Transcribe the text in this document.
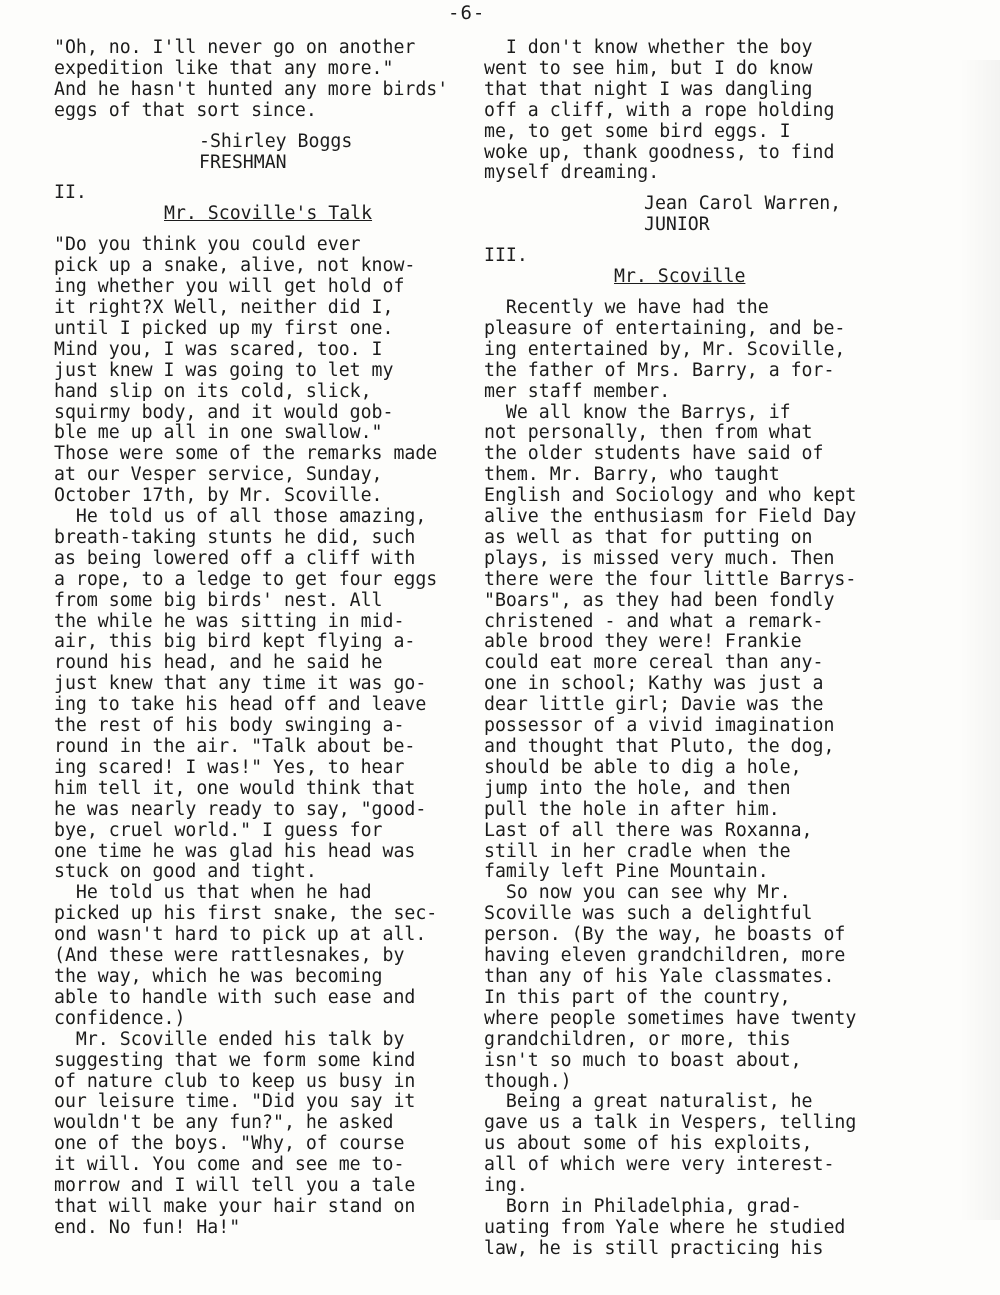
-6-
"Oh, no. I'll never go on another
expedition like that any more."
And he hasn't hunted any more birds'
eggs of that sort since.
-Shirley Boggs
FRESHMAN
II.
Mr. Scoville's Talk
"Do you think you could ever
pick up a snake, alive, not know-
ing whether you will get hold of
it right?X Well, neither did I,
until I picked up my first one.
Mind you, I was scared, too. I
just knew I was going to let my
hand slip on its cold, slick,
squirmy body, and it would gob-
ble me up all in one swallow."
Those were some of the remarks made
at our Vesper service, Sunday,
October 17th, by Mr. Scoville.
He told us of all those amazing,
breath-taking stunts he did, such
as being lowered off a cliff with
a rope, to a ledge to get four eggs
from some big birds' nest. All
the while he was sitting in mid-
air, this big bird kept flying a-
round his head, and he said he
just knew that any time it was go-
ing to take his head off and leave
the rest of his body swinging a-
round in the air. "Talk about be-
ing scared! I was!" Yes, to hear
him tell it, one would think that
he was nearly ready to say, "good-
bye, cruel world." I guess for
one time he was glad his head was
stuck on good and tight.
He told us that when he had
picked up his first snake, the sec-
ond wasn't hard to pick up at all.
(And these were rattlesnakes, by
the way, which he was becoming
able to handle with such ease and
confidence.)
Mr. Scoville ended his talk by
suggesting that we form some kind
of nature club to keep us busy in
our leisure time. "Did you say it
wouldn't be any fun?", he asked
one of the boys. "Why, of course
it will. You come and see me to-
morrow and I will tell you a tale
that will make your hair stand on
end. No fun! Ha!"
I don't know whether the boy
went to see him, but I do know
that that night I was dangling
off a cliff, with a rope holding
me, to get some bird eggs. I
woke up, thank goodness, to find
myself dreaming.
Jean Carol Warren,
JUNIOR
III.
Mr. Scoville
Recently we have had the
pleasure of entertaining, and be-
ing entertained by, Mr. Scoville,
the father of Mrs. Barry, a for-
mer staff member.
We all know the Barrys, if
not personally, then from what
the older students have said of
them. Mr. Barry, who taught
English and Sociology and who kept
alive the enthusiasm for Field Day
as well as that for putting on
plays, is missed very much. Then
there were the four little Barrys-
"Boars", as they had been fondly
christened - and what a remark-
able brood they were! Frankie
could eat more cereal than any-
one in school; Kathy was just a
dear little girl; Davie was the
possessor of a vivid imagination
and thought that Pluto, the dog,
should be able to dig a hole,
jump into the hole, and then
pull the hole in after him.
Last of all there was Roxanna,
still in her cradle when the
family left Pine Mountain.
So now you can see why Mr.
Scoville was such a delightful
person. (By the way, he boasts of
having eleven grandchildren, more
than any of his Yale classmates.
In this part of the country,
where people sometimes have twenty
grandchildren, or more, this
isn't so much to boast about,
though.)
Being a great naturalist, he
gave us a talk in Vespers, telling
us about some of his exploits,
all of which were very interest-
ing.
Born in Philadelphia, grad-
uating from Yale where he studied
law, he is still practicing his
